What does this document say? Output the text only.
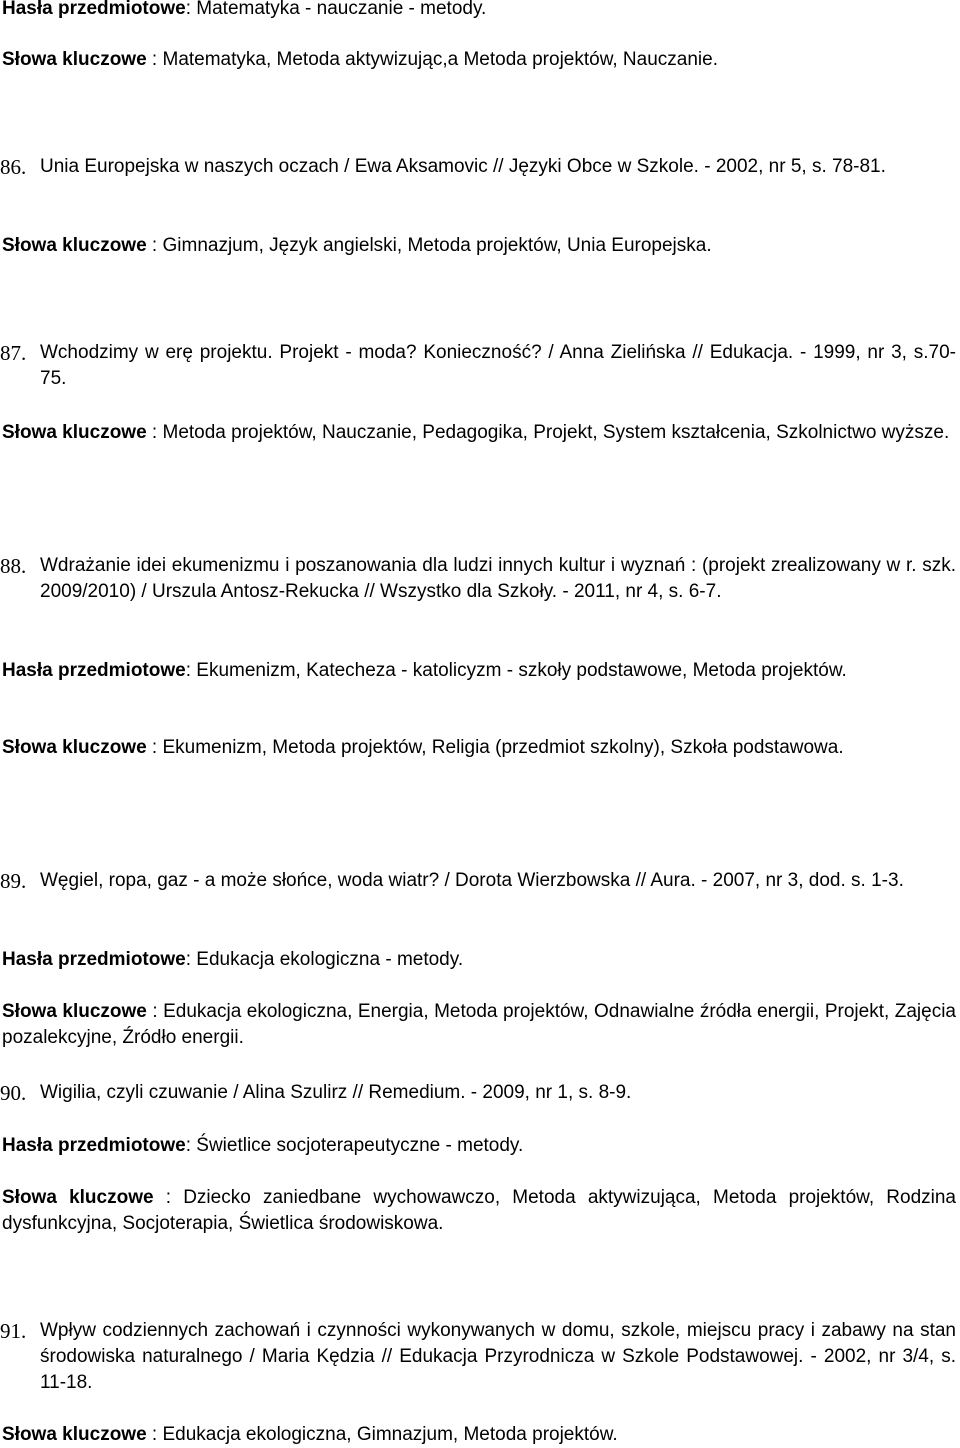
Hasła przedmiotowe: Matematyka - nauczanie - metody.
Słowa kluczowe : Matematyka, Metoda aktywizując,a Metoda projektów, Nauczanie.
86. Unia Europejska w naszych oczach / Ewa Aksamovic // Języki Obce w Szkole. - 2002, nr 5, s. 78-81.
Słowa kluczowe : Gimnazjum, Język angielski, Metoda projektów, Unia Europejska.
87. Wchodzimy w erę projektu. Projekt - moda? Konieczność? / Anna Zielińska // Edukacja. - 1999, nr 3, s.70-75.
Słowa kluczowe : Metoda projektów, Nauczanie, Pedagogika, Projekt, System kształcenia, Szkolnictwo wyższe.
88. Wdrażanie idei ekumenizmu i poszanowania dla ludzi innych kultur i wyznań : (projekt zrealizowany w r. szk. 2009/2010) / Urszula Antosz-Rekucka // Wszystko dla Szkoły. - 2011, nr 4, s. 6-7.
Hasła przedmiotowe: Ekumenizm, Katecheza - katolicyzm - szkoły podstawowe, Metoda projektów.
Słowa kluczowe : Ekumenizm, Metoda projektów, Religia (przedmiot szkolny), Szkoła podstawowa.
89. Węgiel, ropa, gaz - a może słońce, woda wiatr? / Dorota Wierzbowska // Aura. - 2007, nr 3, dod. s. 1-3.
Hasła przedmiotowe: Edukacja ekologiczna - metody.
Słowa kluczowe : Edukacja ekologiczna, Energia, Metoda projektów, Odnawialne źródła energii, Projekt, Zajęcia pozalekcyjne, Źródło energii.
90. Wigilia, czyli czuwanie / Alina Szulirz // Remedium. - 2009, nr 1, s. 8-9.
Hasła przedmiotowe: Świetlice socjoterapeutyczne - metody.
Słowa kluczowe : Dziecko zaniedbane wychowawczo, Metoda aktywizująca, Metoda projektów, Rodzina dysfunkcyjna, Socjoterapia, Świetlica środowiskowa.
91. Wpływ codziennych zachowań i czynności wykonywanych w domu, szkole, miejscu pracy i zabawy na stan środowiska naturalnego / Maria Kędzia // Edukacja Przyrodnicza w Szkole Podstawowej. - 2002, nr 3/4, s. 11-18.
Słowa kluczowe : Edukacja ekologiczna, Gimnazjum, Metoda projektów.
